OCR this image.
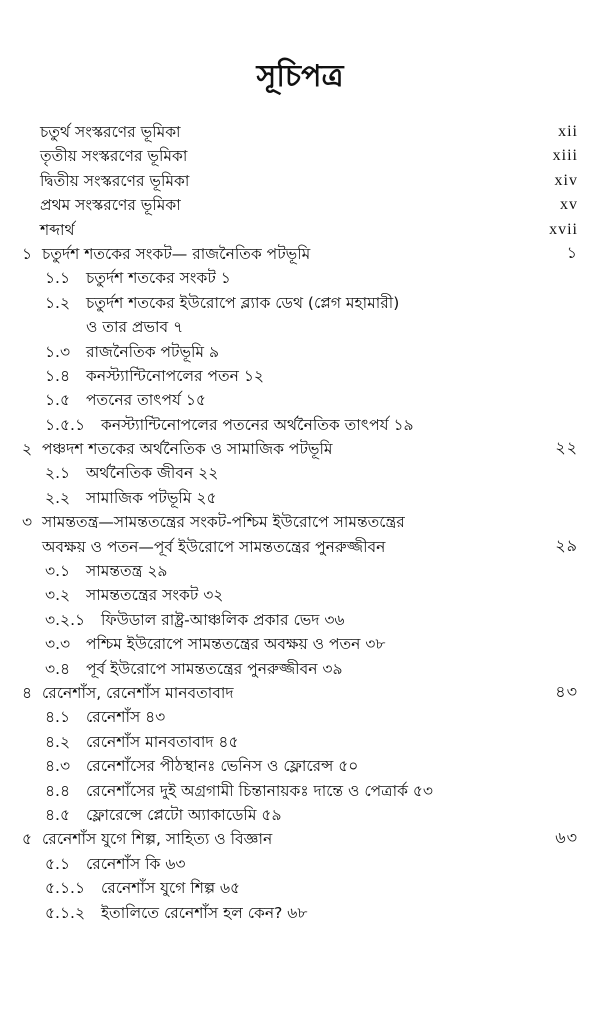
সূচিপত্র
চতুর্থ সংস্করণের ভূমিকা	xii
তৃতীয় সংস্করণের ভূমিকা	xiii
দ্বিতীয় সংস্করণের ভূমিকা	xiv
প্রথম সংস্করণের ভূমিকা	xv
শব্দার্থ	xvii
১ চতুর্দশ শতকের সংকট— রাজনৈতিক পটভূমি	১
১.১ চতুর্দশ শতকের সংকট ১
১.২ চতুর্দশ শতকের ইউরোপে ব্ল্যাক ডেথ (প্লেগ মহামারী)
ও তার প্রভাব ৭
১.৩ রাজনৈতিক পটভূমি ৯
১.৪ কনস্ট্যান্টিনোপলের পতন ১২
১.৫ পতনের তাৎপর্য ১৫
১.৫.১ কনস্ট্যান্টিনোপলের পতনের অর্থনৈতিক তাৎপর্য ১৯
২ পঞ্চদশ শতকের অর্থনৈতিক ও সামাজিক পটভূমি	২২
২.১ অর্থনৈতিক জীবন ২২
২.২ সামাজিক পটভূমি ২৫
৩ সামন্ততন্ত্র—সামন্ততন্ত্রের সংকট-পশ্চিম ইউরোপে সামন্ততন্ত্রের
অবক্ষয় ও পতন—পূর্ব ইউরোপে সামন্ততন্ত্রের পুনরুজ্জীবন	২৯
৩.১ সামন্ততন্ত্র ২৯
৩.২ সামন্ততন্ত্রের সংকট ৩২
৩.২.১ ফিউডাল রাষ্ট্র-আঞ্চলিক প্রকার ভেদ ৩৬
৩.৩ পশ্চিম ইউরোপে সামন্ততন্ত্রের অবক্ষয় ও পতন ৩৮
৩.৪ পূর্ব ইউরোপে সামন্ততন্ত্রের পুনরুজ্জীবন ৩৯
৪ রেনেশাঁস, রেনেশাঁস মানবতাবাদ	৪৩
৪.১ রেনেশাঁস ৪৩
৪.২ রেনেশাঁস মানবতাবাদ ৪৫
৪.৩ রেনেশাঁসের পীঠস্থানঃ ভেনিস ও ফ্লোরেন্স ৫০
৪.৪ রেনেশাঁসের দুই অগ্রগামী চিন্তানায়কঃ দান্তে ও পেত্রার্ক ৫৩
৪.৫ ফ্লোরেন্সে প্লেটো অ্যাকাডেমি ৫৯
৫ রেনেশাঁস যুগে শিল্প, সাহিত্য ও বিজ্ঞান	৬৩
৫.১ রেনেশাঁস কি ৬৩
৫.১.১ রেনেশাঁস যুগে শিল্প ৬৫
৫.১.২ ইতালিতে রেনেশাঁস হল কেন? ৬৮
